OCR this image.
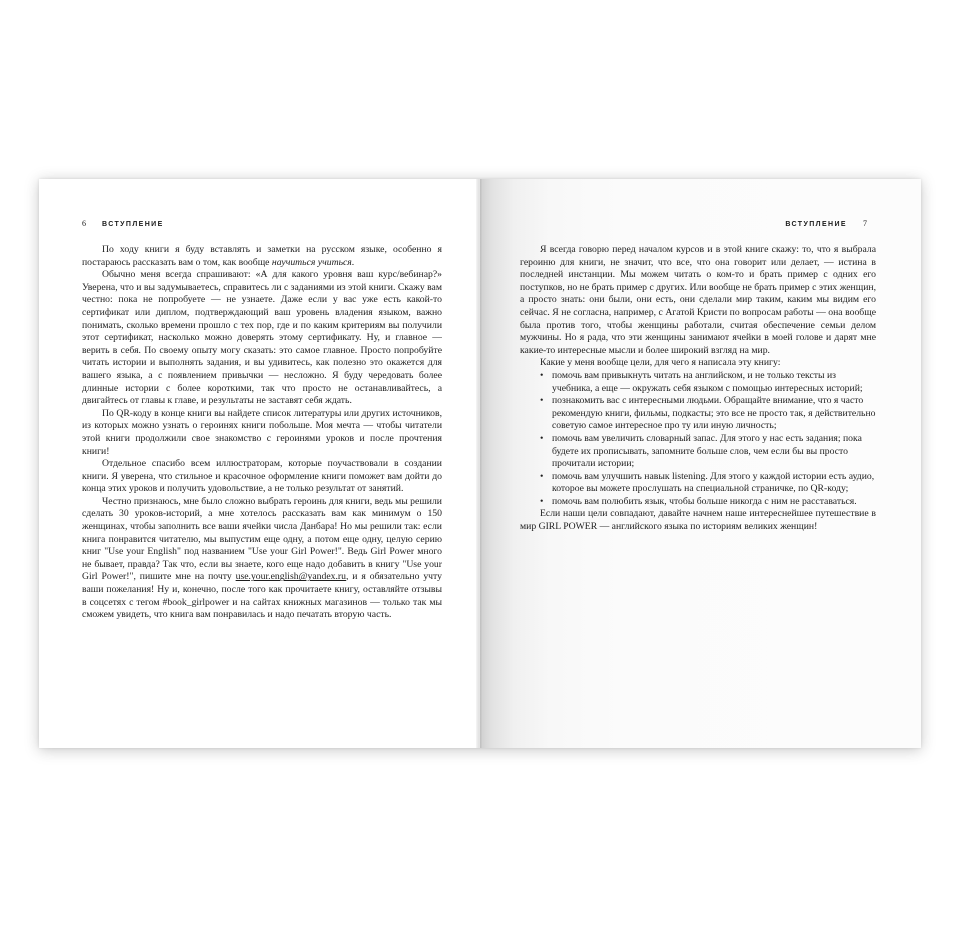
6 ВСТУПЛЕНИЕ

По ходу книги я буду вставлять и заметки на русском языке, особенно я постараюсь рассказать вам о том, как вообще научиться учиться.

Обычно меня всегда спрашивают: «А для какого уровня ваш курс/вебинар?» Уверена, что и вы задумываетесь, справитесь ли с заданиями из этой книги. Скажу вам честно: пока не попробуете — не узнаете. Даже если у вас уже есть какой-то сертификат или диплом, подтверждающий ваш уровень владения языком, важно понимать, сколько времени прошло с тех пор, где и по каким критериям вы получили этот сертификат, насколько можно доверять этому сертификату. Ну, и главное — верить в себя. По своему опыту могу сказать: это самое главное. Просто попробуйте читать истории и выполнять задания, и вы удивитесь, как полезно это окажется для вашего языка, а с появлением привычки — несложно. Я буду чередовать более длинные истории с более короткими, так что просто не останавливайтесь, а двигайтесь от главы к главе, и результаты не заставят себя ждать.

По QR-коду в конце книги вы найдете список литературы или других источников, из которых можно узнать о героинях книги побольше. Моя мечта — чтобы читатели этой книги продолжили свое знакомство с героинями уроков и после прочтения книги!

Отдельное спасибо всем иллюстраторам, которые поучаствовали в создании книги. Я уверена, что стильное и красочное оформление книги поможет вам дойти до конца этих уроков и получить удовольствие, а не только результат от занятий.

Честно признаюсь, мне было сложно выбрать героинь для книги, ведь мы решили сделать 30 уроков-историй, а мне хотелось рассказать вам как минимум о 150 женщинах, чтобы заполнить все ваши ячейки числа Данбара! Но мы решили так: если книга понравится читателю, мы выпустим еще одну, а потом еще одну, целую серию книг "Use your English" под названием "Use your Girl Power!". Ведь Girl Power много не бывает, правда? Так что, если вы знаете, кого еще надо добавить в книгу "Use your Girl Power!", пишите мне на почту use.your.english@yandex.ru, и я обязательно учту ваши пожелания! Ну и, конечно, после того как прочитаете книгу, оставляйте отзывы в соцсетях с тегом #book_girlpower и на сайтах книжных магазинов — только так мы сможем увидеть, что книга вам понравилась и надо печатать вторую часть.

ВСТУПЛЕНИЕ 7

Я всегда говорю перед началом курсов и в этой книге скажу: то, что я выбрала героиню для книги, не значит, что все, что она говорит или делает, — истина в последней инстанции. Мы можем читать о ком-то и брать пример с одних его поступков, но не брать пример с других. Или вообще не брать пример с этих женщин, а просто знать: они были, они есть, они сделали мир таким, каким мы видим его сейчас. Я не согласна, например, с Агатой Кристи по вопросам работы — она вообще была против того, чтобы женщины работали, считая обеспечение семьи делом мужчины. Но я рада, что эти женщины занимают ячейки в моей голове и дарят мне какие-то интересные мысли и более широкий взгляд на мир.

Какие у меня вообще цели, для чего я написала эту книгу:

• помочь вам привыкнуть читать на английском, и не только тексты из учебника, а еще — окружать себя языком с помощью интересных историй;
• познакомить вас с интересными людьми. Обращайте внимание, что я часто рекомендую книги, фильмы, подкасты; это все не просто так, я действительно советую самое интересное про ту или иную личность;
• помочь вам увеличить словарный запас. Для этого у нас есть задания; пока будете их прописывать, запомните больше слов, чем если бы вы просто прочитали истории;
• помочь вам улучшить навык listening. Для этого у каждой истории есть аудио, которое вы можете прослушать на специальной страничке, по QR-коду;
• помочь вам полюбить язык, чтобы больше никогда с ним не расставаться.

Если наши цели совпадают, давайте начнем наше интереснейшее путешествие в мир GIRL POWER — английского языка по историям великих женщин!
